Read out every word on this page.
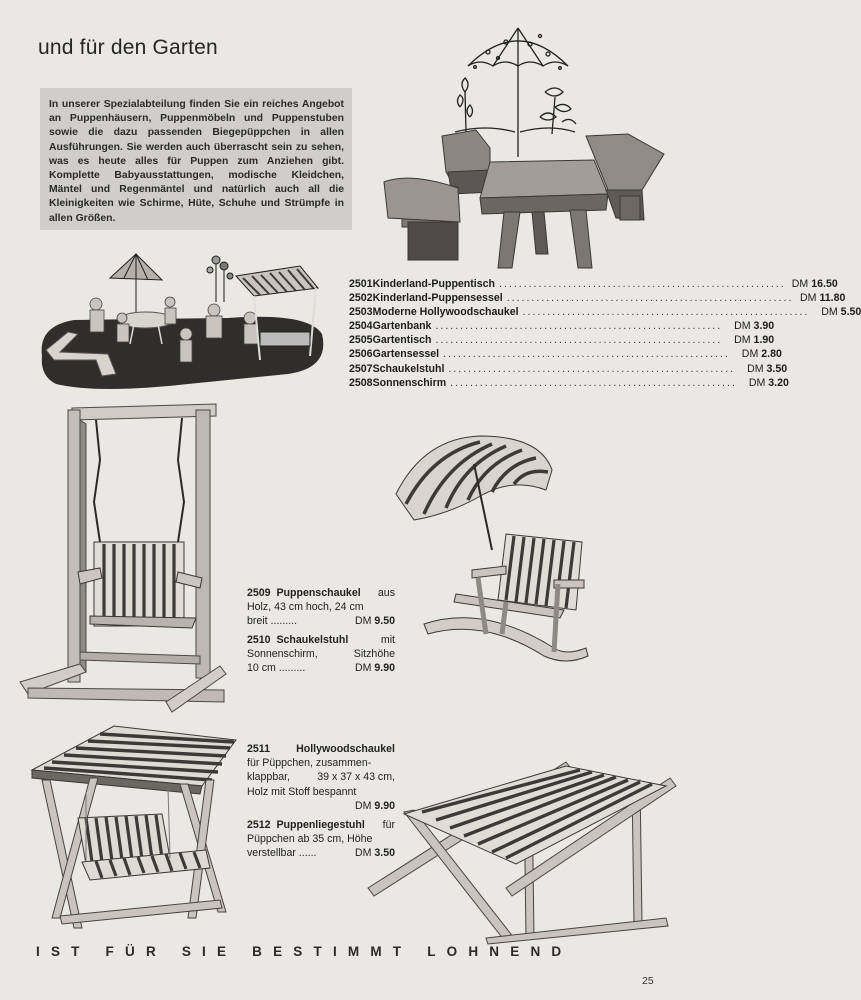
und für den Garten
In unserer Spezialabteilung finden Sie ein reiches Angebot an Puppenhäusern, Puppenmöbeln und Puppenstuben sowie die dazu passenden Biegepüppchen in allen Ausführungen. Sie werden auch überrascht sein zu sehen, was es heute alles für Puppen zum Anziehen gibt. Komplette Babyausstattungen, modische Kleidchen, Mäntel und Regenmäntel und natürlich auch all die Kleinigkeiten wie Schirme, Hüte, Schuhe und Strümpfe in allen Größen.
2501 Kinderland-Puppentisch .......................................................... DM 16.50
2502 Kinderland-Puppensessel .......................................................... DM 11.80
2503 Moderne Hollywoodschaukel ..........................................................	DM 5.50
2504 Gartenbank ..........................................................	DM 3.90
2505 Gartentisch ..........................................................	DM 1.90
2506 Gartensessel ..........................................................	DM 2.80
2507 Schaukelstuhl ..........................................................	DM 3.50
2508 Sonnenschirm ..........................................................	DM 3.20
2509 Puppenschaukel aus
Holz, 43 cm hoch, 24 cm
breit .........	DM 9.50
2510 Schaukelstuhl	mit
Sonnenschirm,	Sitzhöhe
10 cm .........	DM 9.90
2511 Hollywoodschaukel
für Püppchen, zusammen-
klappbar,	39 x 37 x 43 cm,
Holz mit Stoff bespannt
DM 9.90
2512 Puppenliegestuhl für
Püppchen ab 35 cm, Höhe
verstellbar ......	DM 3.50
IST FÜR SIE BESTIMMT LOHNEND
25
